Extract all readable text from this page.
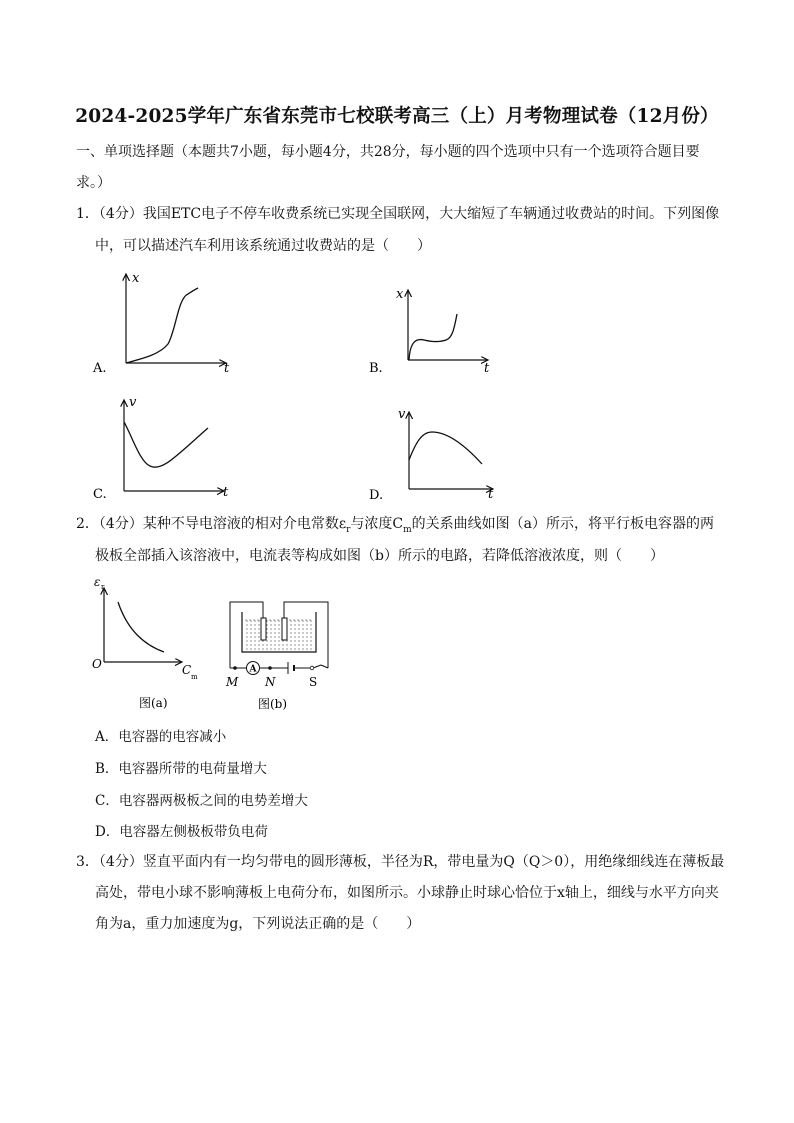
2024-2025学年广东省东莞市七校联考高三（上）月考物理试卷（12月份）
一、单项选择题（本题共7小题，每小题4分，共28分，每小题的四个选项中只有一个选项符合题目要
求。）
1．（4分）我国ETC电子不停车收费系统已实现全国联网，大大缩短了车辆通过收费站的时间。下列图像
中，可以描述汽车利用该系统通过收费站的是（　　）
x
t
A.
x
t
B.
v
t
C.
v
t
D.
2．（4分）某种不导电溶液的相对介电常数$\varepsilon_r$与浓度$C_m$的关系曲线如图（a）所示，将平行板电容器的两
极板全部插入该溶液中，电流表等构成如图（b）所示的电路，若降低溶液浓度，则（　　）
ε r
O	C m
图(a)
A
M N	S
图(b)
A．电容器的电容减小
B．电容器所带的电荷量增大
C．电容器两极板之间的电势差增大
D．电容器左侧极板带负电荷
3．（4分）竖直平面内有一均匀带电的圆形薄板，半径为R，带电量为Q（Q＞0），用绝缘细线连在薄板最
高处，带电小球不影响薄板上电荷分布，如图所示。小球静止时球心恰位于x轴上，细线与水平方向夹
角为a，重力加速度为g，下列说法正确的是（　　）
